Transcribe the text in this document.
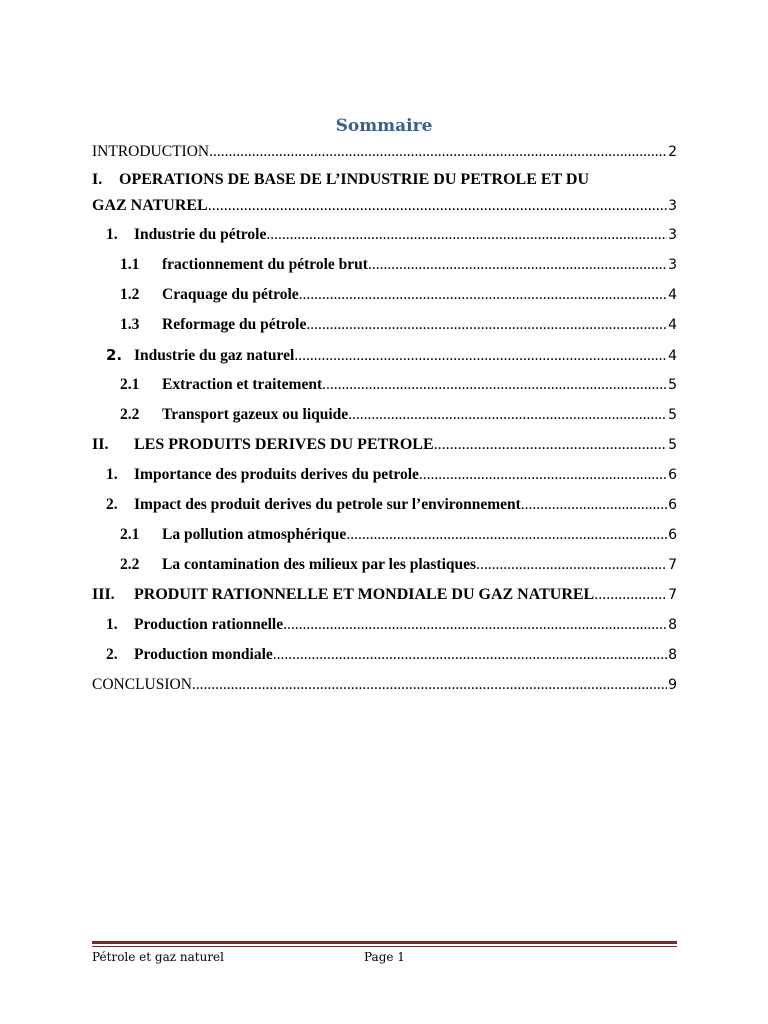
Sommaire
INTRODUCTION .....	2
I.	OPERATIONS DE BASE DE L’INDUSTRIE DU PETROLE ET DU
GAZ NATUREL .....	3
1.	Industrie du pétrole .....	3
1.1	fractionnement du pétrole brut .....	3
1.2	Craquage du pétrole .....	4
1.3	Reformage du pétrole .....	4
2. Industrie du gaz naturel .....	4
2.1	Extraction et traitement .....	5
2.2	Transport gazeux ou liquide .....	5
II.	LES PRODUITS DERIVES DU PETROLE .....	5
1.	Importance des produits derives du petrole .....	6
2.	Impact des produit derives du petrole sur l’environnement .....	6
2.1	La pollution atmosphérique .....	6
2.2	La contamination des milieux par les plastiques .....	7
III.	PRODUIT RATIONNELLE ET MONDIALE DU GAZ NATUREL .....	7
1.	Production rationnelle .....	8
2.	Production mondiale .....	8
CONCLUSION .....	9
Pétrole et gaz naturel	Page 1
